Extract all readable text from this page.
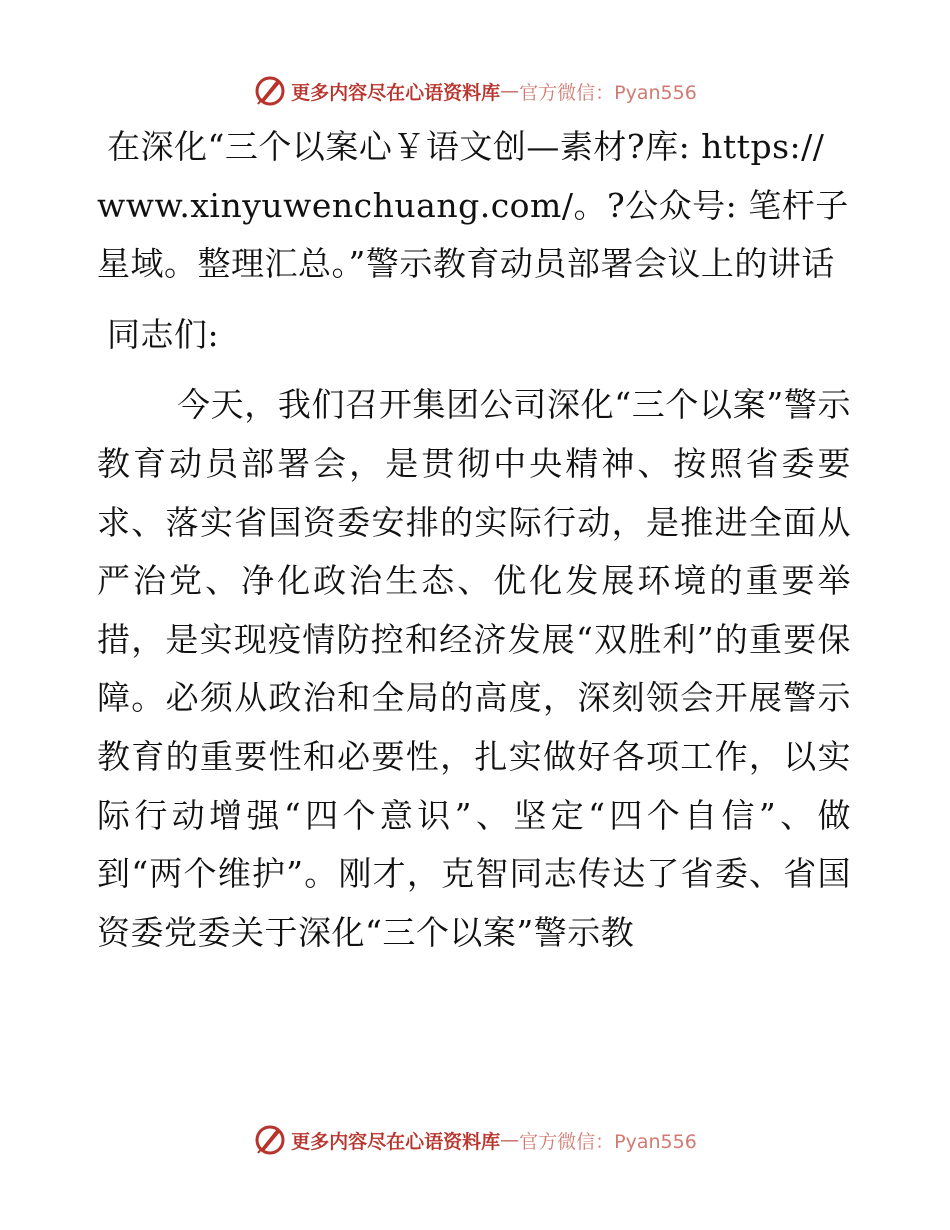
更多内容尽在心语资料库 — 官方微信：Pyan556

在深化“三个以案心￥语文创—素材?库: https://www.xinyuwenchuang.com/。?公众号: 笔杆子星域。整理汇总。”警示教育动员部署会议上的讲话

同志们:

今天，我们召开集团公司深化“三个以案”警示教育动员部署会，是贯彻中央精神、按照省委要求、落实省国资委安排的实际行动，是推进全面从严治党、净化政治生态、优化发展环境的重要举措，是实现疫情防控和经济发展“双胜利”的重要保障。必须从政治和全局的高度，深刻领会开展警示教育的重要性和必要性，扎实做好各项工作，以实际行动增强“四个意识”、坚定“四个自信”、做到“两个维护”。刚才，克智同志传达了省委、省国资委党委关于深化“三个以案”警示教

更多内容尽在心语资料库 — 官方微信：Pyan556
